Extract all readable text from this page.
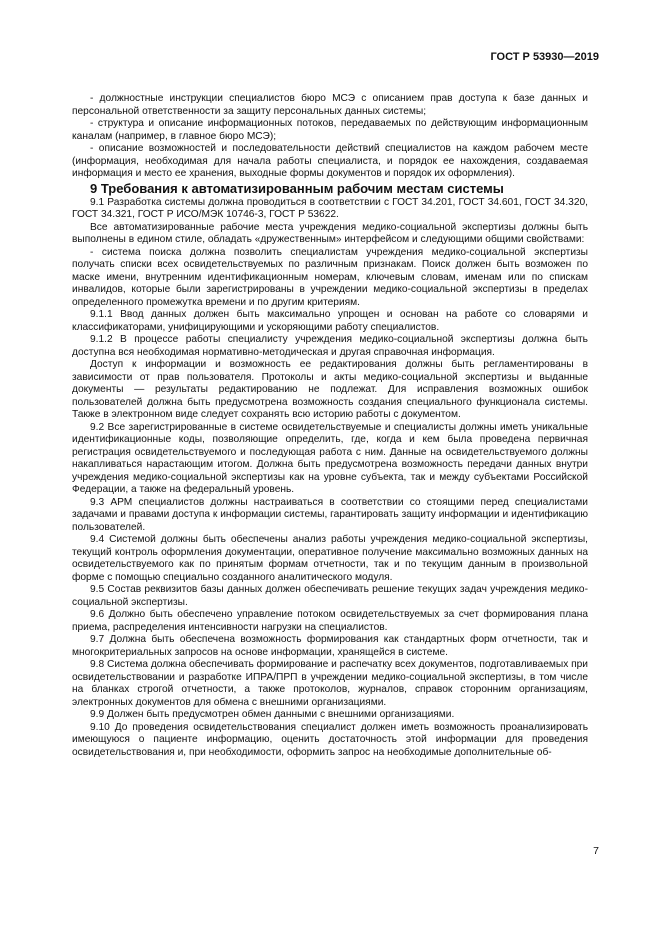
ГОСТ Р 53930—2019

- должностные инструкции специалистов бюро МСЭ с описанием прав доступа к базе данных и персональной ответственности за защиту персональных данных системы;

- структура и описание информационных потоков, передаваемых по действующим информационным каналам (например, в главное бюро МСЭ);

- описание возможностей и последовательности действий специалистов на каждом рабочем месте (информация, необходимая для начала работы специалиста, и порядок ее нахождения, создаваемая информация и место ее хранения, выходные формы документов и порядок их оформления).

9 Требования к автоматизированным рабочим местам системы

9.1 Разработка системы должна проводиться в соответствии с ГОСТ 34.201, ГОСТ 34.601, ГОСТ 34.320, ГОСТ 34.321, ГОСТ Р ИСО/МЭК 10746-3, ГОСТ Р 53622.

Все автоматизированные рабочие места учреждения медико-социальной экспертизы должны быть выполнены в едином стиле, обладать «дружественным» интерфейсом и следующими общими свойствами:

- система поиска должна позволить специалистам учреждения медико-социальной экспертизы получать списки всех освидетельствуемых по различным признакам. Поиск должен быть возможен по маске имени, внутренним идентификационным номерам, ключевым словам, именам или по спискам инвалидов, которые были зарегистрированы в учреждении медико-социальной экспертизы в пределах определенного промежутка времени и по другим критериям.

9.1.1 Ввод данных должен быть максимально упрощен и основан на работе со словарями и классификаторами, унифицирующими и ускоряющими работу специалистов.

9.1.2 В процессе работы специалисту учреждения медико-социальной экспертизы должна быть доступна вся необходимая нормативно-методическая и другая справочная информация.

Доступ к информации и возможность ее редактирования должны быть регламентированы в зависимости от прав пользователя. Протоколы и акты медико-социальной экспертизы и выданные документы — результаты редактированию не подлежат. Для исправления возможных ошибок пользователей должна быть предусмотрена возможность создания специального функционала системы. Также в электронном виде следует сохранять всю историю работы с документом.

9.2 Все зарегистрированные в системе освидетельствуемые и специалисты должны иметь уникальные идентификационные коды, позволяющие определить, где, когда и кем была проведена первичная регистрация освидетельствуемого и последующая работа с ним. Данные на освидетельствуемого должны накапливаться нарастающим итогом. Должна быть предусмотрена возможность передачи данных внутри учреждения медико-социальной экспертизы как на уровне субъекта, так и между субъектами Российской Федерации, а также на федеральный уровень.

9.3 АРМ специалистов должны настраиваться в соответствии со стоящими перед специалистами задачами и правами доступа к информации системы, гарантировать защиту информации и идентификацию пользователей.

9.4 Системой должны быть обеспечены анализ работы учреждения медико-социальной экспертизы, текущий контроль оформления документации, оперативное получение максимально возможных данных на освидетельствуемого как по принятым формам отчетности, так и по текущим данным в произвольной форме с помощью специально созданного аналитического модуля.

9.5 Состав реквизитов базы данных должен обеспечивать решение текущих задач учреждения медико-социальной экспертизы.

9.6 Должно быть обеспечено управление потоком освидетельствуемых за счет формирования плана приема, распределения интенсивности нагрузки на специалистов.

9.7 Должна быть обеспечена возможность формирования как стандартных форм отчетности, так и многокритериальных запросов на основе информации, хранящейся в системе.

9.8 Система должна обеспечивать формирование и распечатку всех документов, подготавливаемых при освидетельствовании и разработке ИПРА/ПРП в учреждении медико-социальной экспертизы, в том числе на бланках строгой отчетности, а также протоколов, журналов, справок сторонним организациям, электронных документов для обмена с внешними организациями.

9.9 Должен быть предусмотрен обмен данными с внешними организациями.

9.10 До проведения освидетельствования специалист должен иметь возможность проанализировать имеющуюся о пациенте информацию, оценить достаточность этой информации для проведения освидетельствования и, при необходимости, оформить запрос на необходимые дополнительные об-

7
